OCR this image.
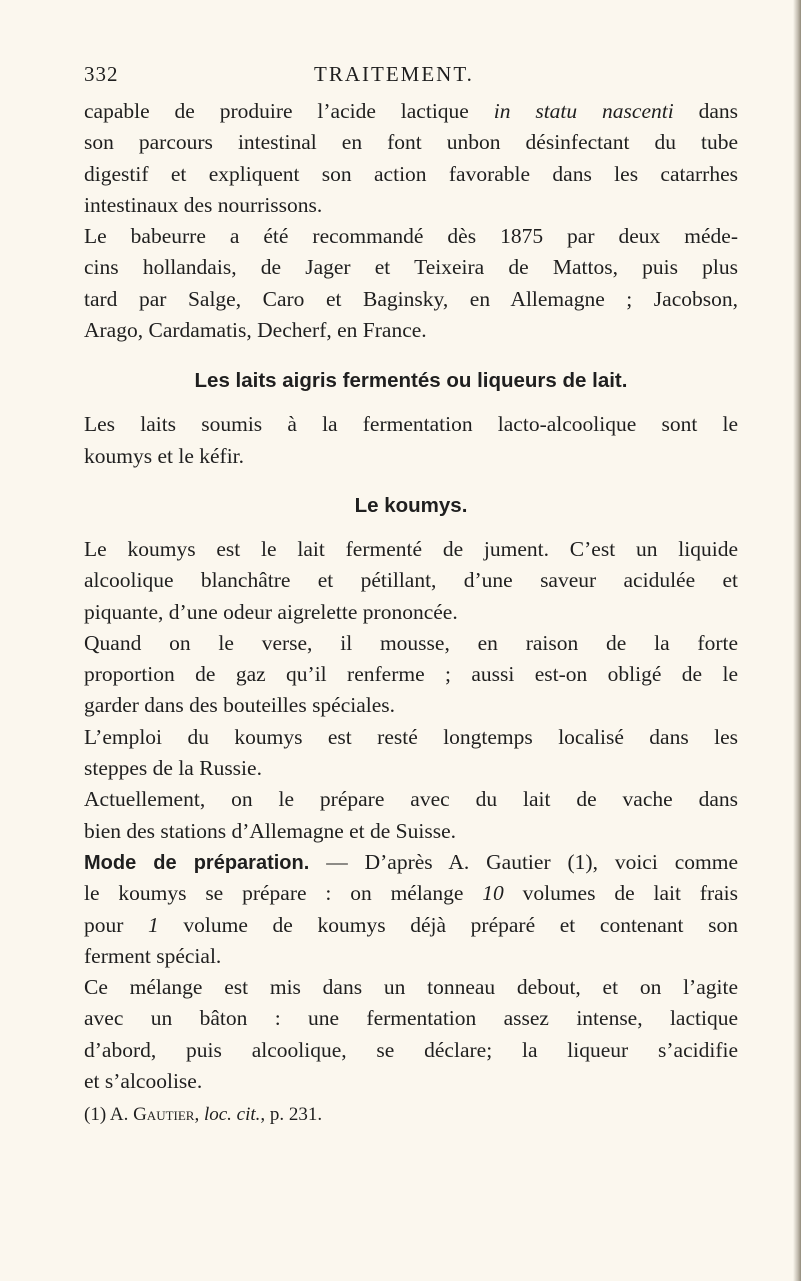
332	TRAITEMENT.
capable de produire l’acide lactique in statu nascenti dans
son parcours intestinal en font unbon désinfectant du tube
digestif et expliquent son action favorable dans les catarrhes
intestinaux des nourrissons.
Le babeurre a été recommandé dès 1875 par deux méde-
cins hollandais, de Jager et Teixeira de Mattos, puis plus
tard par Salge, Caro et Baginsky, en Allemagne ; Jacobson,
Arago, Cardamatis, Decherf, en France.
Les laits aigris fermentés ou liqueurs de lait.
Les laits soumis à la fermentation lacto-alcoolique sont le
koumys et le kéfir.
Le koumys.
Le koumys est le lait fermenté de jument. C’est un liquide
alcoolique blanchâtre et pétillant, d’une saveur acidulée et
piquante, d’une odeur aigrelette prononcée.
Quand on le verse, il mousse, en raison de la forte
proportion de gaz qu’il renferme ; aussi est-on obligé de le
garder dans des bouteilles spéciales.
L’emploi du koumys est resté longtemps localisé dans les
steppes de la Russie.
Actuellement, on le prépare avec du lait de vache dans
bien des stations d’Allemagne et de Suisse.
Mode de préparation. — D’après A. Gautier (1), voici comme
le koumys se prépare : on mélange 10 volumes de lait frais
pour 1 volume de koumys déjà préparé et contenant son
ferment spécial.
Ce mélange est mis dans un tonneau debout, et on l’agite
avec un bâton : une fermentation assez intense, lactique
d’abord, puis alcoolique, se déclare; la liqueur s’acidifie
et s’alcoolise.
(1) A. Gautier, loc. cit., p. 231.
